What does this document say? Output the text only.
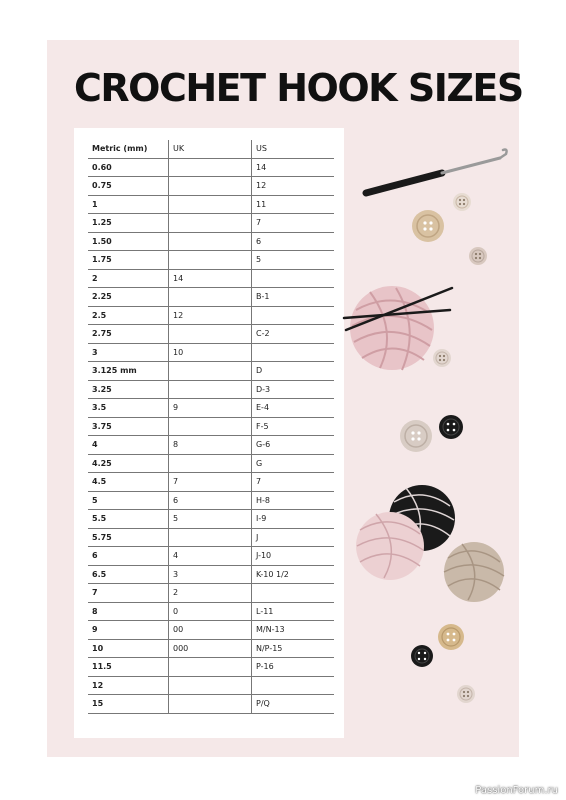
CROCHET HOOK SIZES
Metric (mm)	UK	US
0.60		14
0.75		12
1		11
1.25		7
1.50		6
1.75		5
2	14	
2.25		B-1
2.5	12	
2.75		C-2
3	10	
3.125 mm		D
3.25		D-3
3.5	9	E-4
3.75		F-5
4	8	G-6
4.25		G
4.5	7	7
5	6	H-8
5.5	5	I-9
5.75		J
6	4	J-10
6.5	3	K-10 1/2
7	2	
8	0	L-11
9	00	M/N-13
10	000	N/P-15
11.5		P-16
12		
15		P/Q
PassionForum.ru
